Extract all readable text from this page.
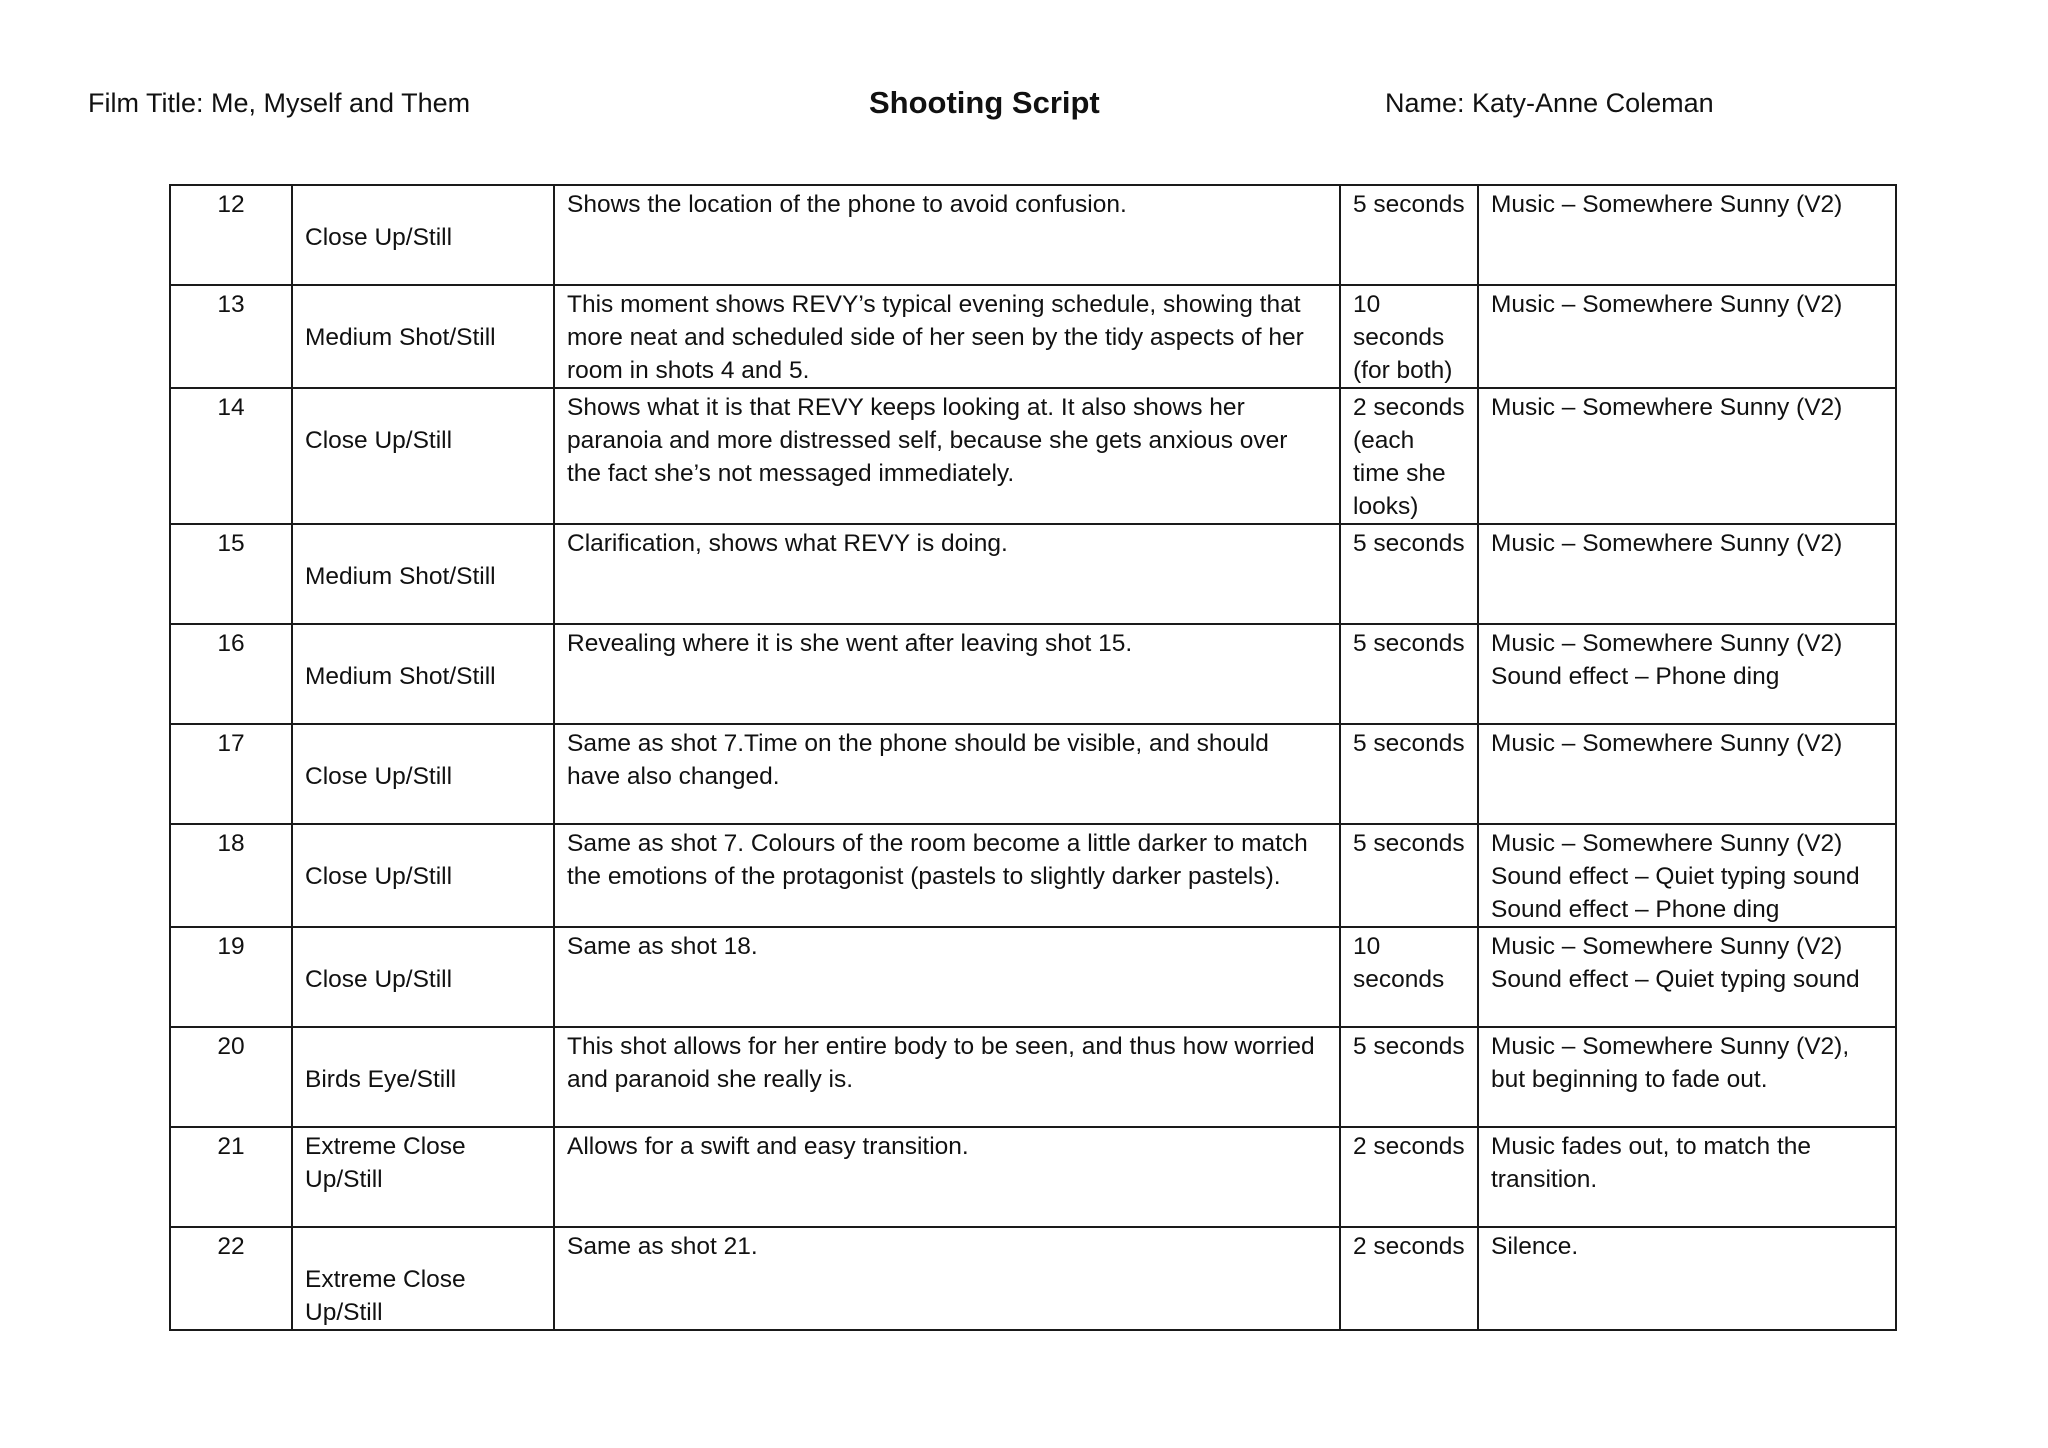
Film Title: Me, Myself and Them	Shooting Script	Name: Katy-Anne Coleman
12	Close Up/Still	Shows the location of the phone to avoid confusion.	5 seconds	Music – Somewhere Sunny (V2)
13	Medium Shot/Still	This moment shows REVY’s typical evening schedule, showing that more neat and scheduled side of her seen by the tidy aspects of her room in shots 4 and 5.	10
seconds
(for both)	Music – Somewhere Sunny (V2)
14	Close Up/Still	Shows what it is that REVY keeps looking at. It also shows her paranoia and more distressed self, because she gets anxious over the fact she’s not messaged immediately.	2 seconds
(each
time she
looks)	Music – Somewhere Sunny (V2)
15	Medium Shot/Still	Clarification, shows what REVY is doing.	5 seconds	Music – Somewhere Sunny (V2)
16	Medium Shot/Still	Revealing where it is she went after leaving shot 15.	5 seconds	Music – Somewhere Sunny (V2)
Sound effect – Phone ding
17	Close Up/Still	Same as shot 7.Time on the phone should be visible, and should have also changed.	5 seconds	Music – Somewhere Sunny (V2)
18	Close Up/Still	Same as shot 7. Colours of the room become a little darker to match the emotions of the protagonist (pastels to slightly darker pastels).	5 seconds	Music – Somewhere Sunny (V2)
Sound effect – Quiet typing sound
Sound effect – Phone ding
19	Close Up/Still	Same as shot 18.	10
seconds	Music – Somewhere Sunny (V2)
Sound effect – Quiet typing sound
20	Birds Eye/Still	This shot allows for her entire body to be seen, and thus how worried and paranoid she really is.	5 seconds	Music – Somewhere Sunny (V2),
but beginning to fade out.
21	Extreme Close
Up/Still	Allows for a swift and easy transition.	2 seconds	Music fades out, to match the
transition.
22	Extreme Close
Up/Still	Same as shot 21.	2 seconds	Silence.
